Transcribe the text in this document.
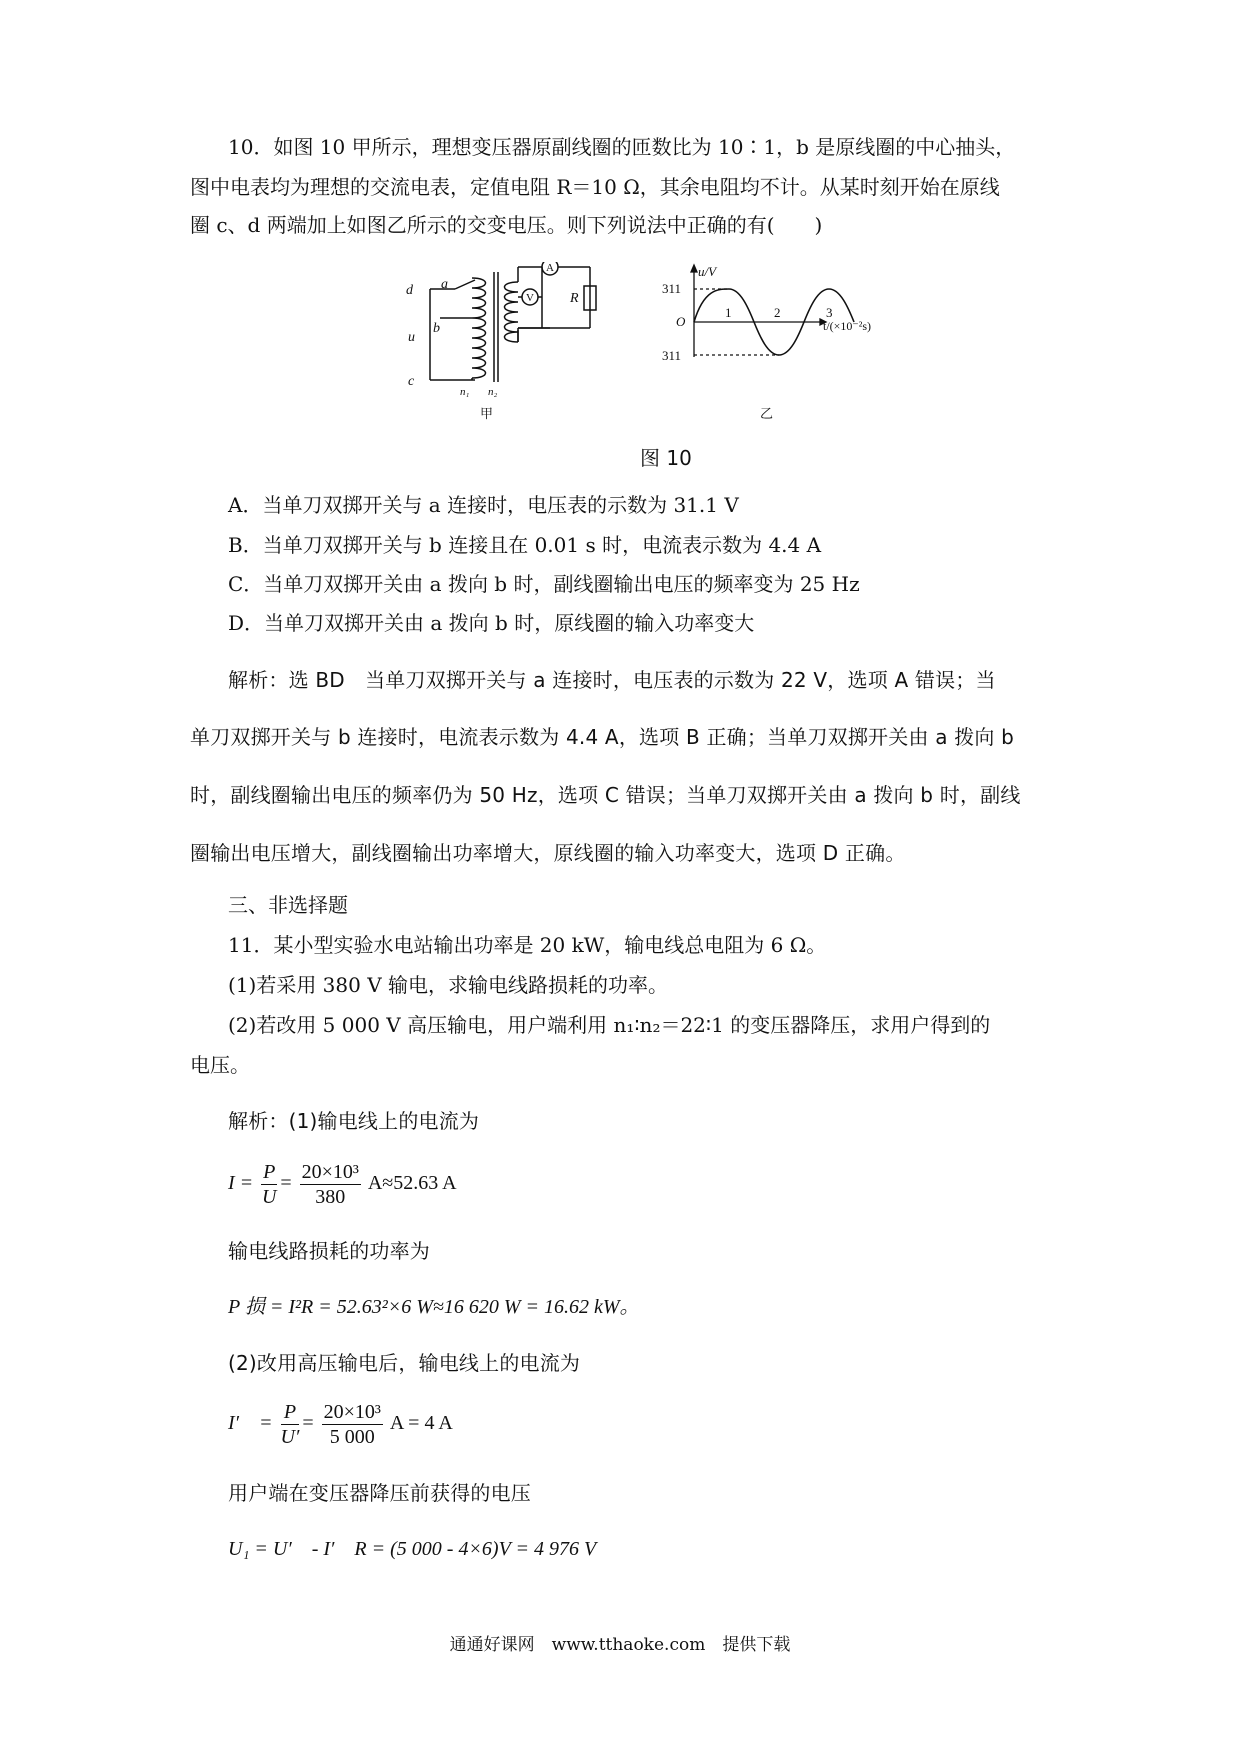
10．如图 10 甲所示，理想变压器原副线圈的匝数比为 10∶1，b 是原线圈的中心抽头，
图中电表均为理想的交流电表，定值电阻 R＝10 Ω，其余电阻均不计。从某时刻开始在原线
圈 c、d 两端加上如图乙所示的交变电压。则下列说法中正确的有(　　)
d
u
c
a
b
n₁ n₂
R
A
V
甲
u/V
311
O
311
1	2	3
t/(×10⁻²s)
乙
图 10
A．当单刀双掷开关与 a 连接时，电压表的示数为 31.1 V
B．当单刀双掷开关与 b 连接且在 0.01 s 时，电流表示数为 4.4 A
C．当单刀双掷开关由 a 拨向 b 时，副线圈输出电压的频率变为 25 Hz
D．当单刀双掷开关由 a 拨向 b 时，原线圈的输入功率变大
解析：选 BD　当单刀双掷开关与 a 连接时，电压表的示数为 22 V，选项 A 错误；当
单刀双掷开关与 b 连接时，电流表示数为 4.4 A，选项 B 正确；当单刀双掷开关由 a 拨向 b
时，副线圈输出电压的频率仍为 50 Hz，选项 C 错误；当单刀双掷开关由 a 拨向 b 时，副线
圈输出电压增大，副线圈输出功率增大，原线圈的输入功率变大，选项 D 正确。
三、非选择题
11．某小型实验水电站输出功率是 20 kW，输电线总电阻为 6 Ω。
(1)若采用 380 V 输电，求输电线路损耗的功率。
(2)若改用 5 000 V 高压输电，用户端利用 n₁∶n₂＝22∶1 的变压器降压，求用户得到的
电压。
解析：(1)输电线上的电流为
$I = \frac{P}{U} = \frac{\text{20×10³}}{380} A\approx 52.63$ A
输电线路损耗的功率为
P 损 = I²R = 52.63²×6 W≈16 620 W = 16.62 kW。
(2)改用高压输电后，输电线上的电流为
I′　= $\frac{P}{U'} = \frac{\text{20×10³}}{5 000}$ A = 4 A
用户端在变压器降压前获得的电压
U₁ = U′　- I′　R = (5 000 - 4×6)V = 4 976 V
通通好课网　www.tthaoke.com　提供下载
